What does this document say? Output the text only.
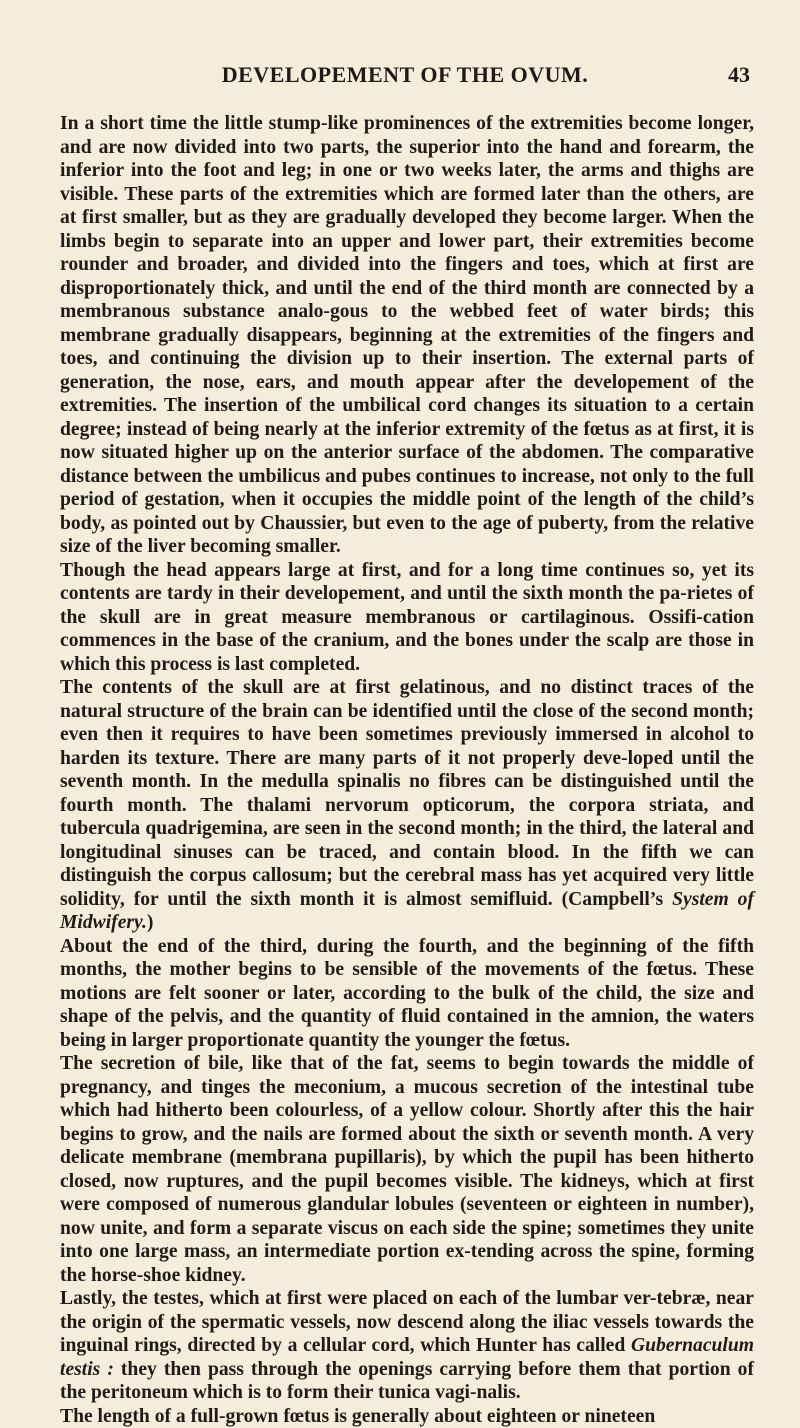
DEVELOPEMENT OF THE OVUM.	43

In a short time the little stump-like prominences of the extremities become longer, and are now divided into two parts, the superior into the hand and forearm, the inferior into the foot and leg; in one or two weeks later, the arms and thighs are visible. These parts of the extremities which are formed later than the others, are at first smaller, but as they are gradually developed they become larger. When the limbs begin to separate into an upper and lower part, their extremities become rounder and broader, and divided into the fingers and toes, which at first are disproportionately thick, and until the end of the third month are connected by a membranous substance analo-gous to the webbed feet of water birds; this membrane gradually disappears, beginning at the extremities of the fingers and toes, and continuing the division up to their insertion. The external parts of generation, the nose, ears, and mouth appear after the developement of the extremities. The insertion of the umbilical cord changes its situation to a certain degree; instead of being nearly at the inferior extremity of the fœtus as at first, it is now situated higher up on the anterior surface of the abdomen. The comparative distance between the umbilicus and pubes continues to increase, not only to the full period of gestation, when it occupies the middle point of the length of the child’s body, as pointed out by Chaussier, but even to the age of puberty, from the relative size of the liver becoming smaller.

Though the head appears large at first, and for a long time continues so, yet its contents are tardy in their developement, and until the sixth month the pa-rietes of the skull are in great measure membranous or cartilaginous. Ossifi-cation commences in the base of the cranium, and the bones under the scalp are those in which this process is last completed.

The contents of the skull are at first gelatinous, and no distinct traces of the natural structure of the brain can be identified until the close of the second month; even then it requires to have been sometimes previously immersed in alcohol to harden its texture. There are many parts of it not properly deve-loped until the seventh month. In the medulla spinalis no fibres can be distinguished until the fourth month. The thalami nervorum opticorum, the corpora striata, and tubercula quadrigemina, are seen in the second month; in the third, the lateral and longitudinal sinuses can be traced, and contain blood. In the fifth we can distinguish the corpus callosum; but the cerebral mass has yet acquired very little solidity, for until the sixth month it is almost semifluid. (Campbell’s System of Midwifery.)

About the end of the third, during the fourth, and the beginning of the fifth months, the mother begins to be sensible of the movements of the fœtus. These motions are felt sooner or later, according to the bulk of the child, the size and shape of the pelvis, and the quantity of fluid contained in the amnion, the waters being in larger proportionate quantity the younger the fœtus.

The secretion of bile, like that of the fat, seems to begin towards the middle of pregnancy, and tinges the meconium, a mucous secretion of the intestinal tube which had hitherto been colourless, of a yellow colour. Shortly after this the hair begins to grow, and the nails are formed about the sixth or seventh month. A very delicate membrane (membrana pupillaris), by which the pupil has been hitherto closed, now ruptures, and the pupil becomes visible. The kidneys, which at first were composed of numerous glandular lobules (seventeen or eighteen in number), now unite, and form a separate viscus on each side the spine; sometimes they unite into one large mass, an intermediate portion ex-tending across the spine, forming the horse-shoe kidney.

Lastly, the testes, which at first were placed on each of the lumbar ver-tebræ, near the origin of the spermatic vessels, now descend along the iliac vessels towards the inguinal rings, directed by a cellular cord, which Hunter has called Gubernaculum testis : they then pass through the openings carrying before them that portion of the peritoneum which is to form their tunica vagi-nalis.

The length of a full-grown fœtus is generally about eighteen or nineteen
